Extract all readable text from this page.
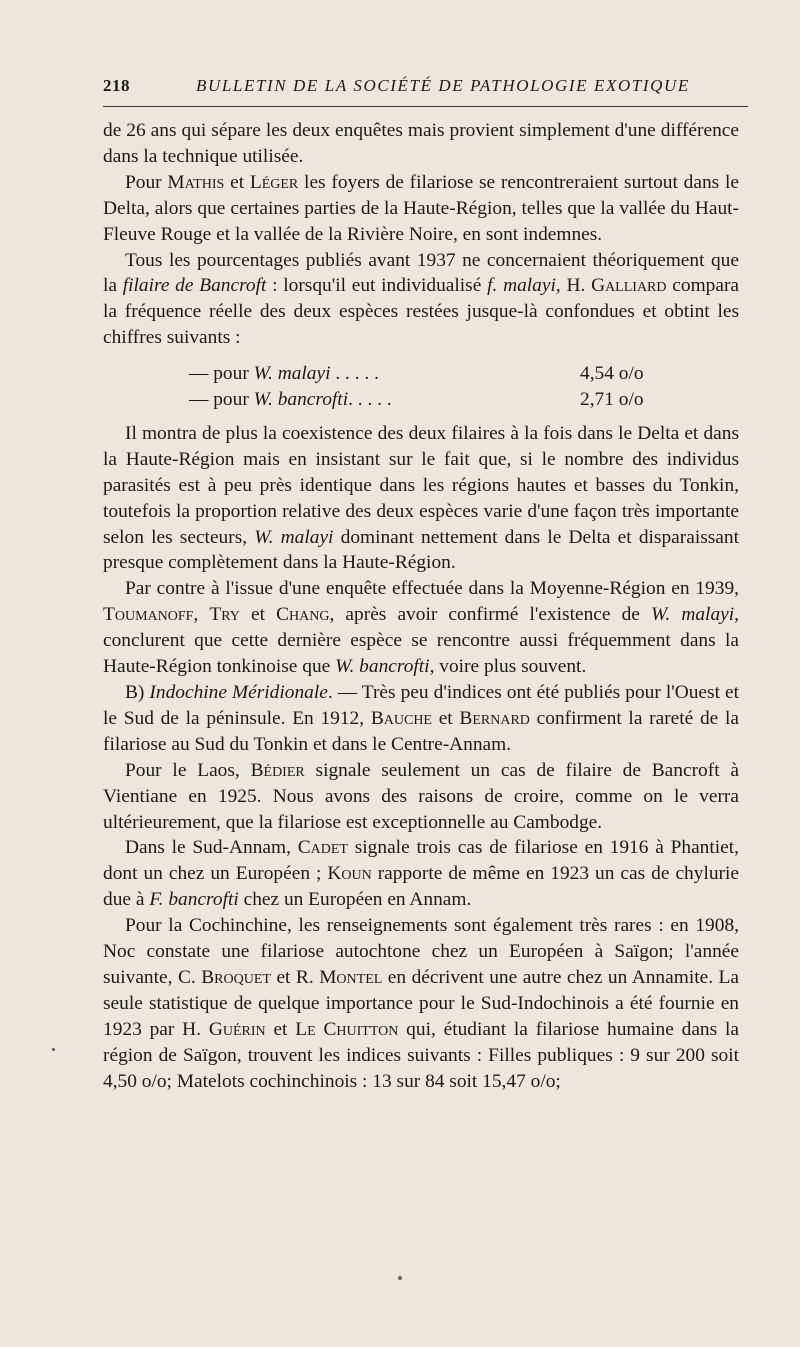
218	BULLETIN DE LA SOCIÉTÉ DE PATHOLOGIE EXOTIQUE

de 26 ans qui sépare les deux enquêtes mais provient simplement d'une différence dans la technique utilisée.

Pour Mathis et Léger les foyers de filariose se rencontreraient surtout dans le Delta, alors que certaines parties de la Haute-Région, telles que la vallée du Haut-Fleuve Rouge et la vallée de la Rivière Noire, en sont indemnes.

Tous les pourcentages publiés avant 1937 ne concernaient théoriquement que la filaire de Bancroft : lorsqu'il eut individualisé f. malayi, H. Galliard compara la fréquence réelle des deux espèces restées jusque-là confondues et obtint les chiffres suivants :

— pour W. malayi . . . . .	4,54 o/o
— pour W. bancrofti. . . . .	2,71 o/o

Il montra de plus la coexistence des deux filaires à la fois dans le Delta et dans la Haute-Région mais en insistant sur le fait que, si le nombre des individus parasités est à peu près identique dans les régions hautes et basses du Tonkin, toutefois la proportion relative des deux espèces varie d'une façon très importante selon les secteurs, W. malayi dominant nettement dans le Delta et disparaissant presque complètement dans la Haute-Région.

Par contre à l'issue d'une enquête effectuée dans la Moyenne-Région en 1939, Toumanoff, Try et Chang, après avoir confirmé l'existence de W. malayi, conclurent que cette dernière espèce se rencontre aussi fréquemment dans la Haute-Région tonkinoise que W. bancrofti, voire plus souvent.

B) Indochine Méridionale. — Très peu d'indices ont été publiés pour l'Ouest et le Sud de la péninsule. En 1912, Bauche et Bernard confirment la rareté de la filariose au Sud du Tonkin et dans le Centre-Annam.

Pour le Laos, Bédier signale seulement un cas de filaire de Bancroft à Vientiane en 1925. Nous avons des raisons de croire, comme on le verra ultérieurement, que la filariose est exceptionnelle au Cambodge.

Dans le Sud-Annam, Cadet signale trois cas de filariose en 1916 à Phantiet, dont un chez un Européen ; Koun rapporte de même en 1923 un cas de chylurie due à F. bancrofti chez un Européen en Annam.

Pour la Cochinchine, les renseignements sont également très rares : en 1908, Noc constate une filariose autochtone chez un Européen à Saïgon; l'année suivante, C. Broquet et R. Montel en décrivent une autre chez un Annamite. La seule statistique de quelque importance pour le Sud-Indochinois a été fournie en 1923 par H. Guérin et Le Chuitton qui, étudiant la filariose humaine dans la région de Saïgon, trouvent les indices suivants : Filles publiques : 9 sur 200 soit 4,50 o/o; Matelots cochinchinois : 13 sur 84 soit 15,47 o/o;
